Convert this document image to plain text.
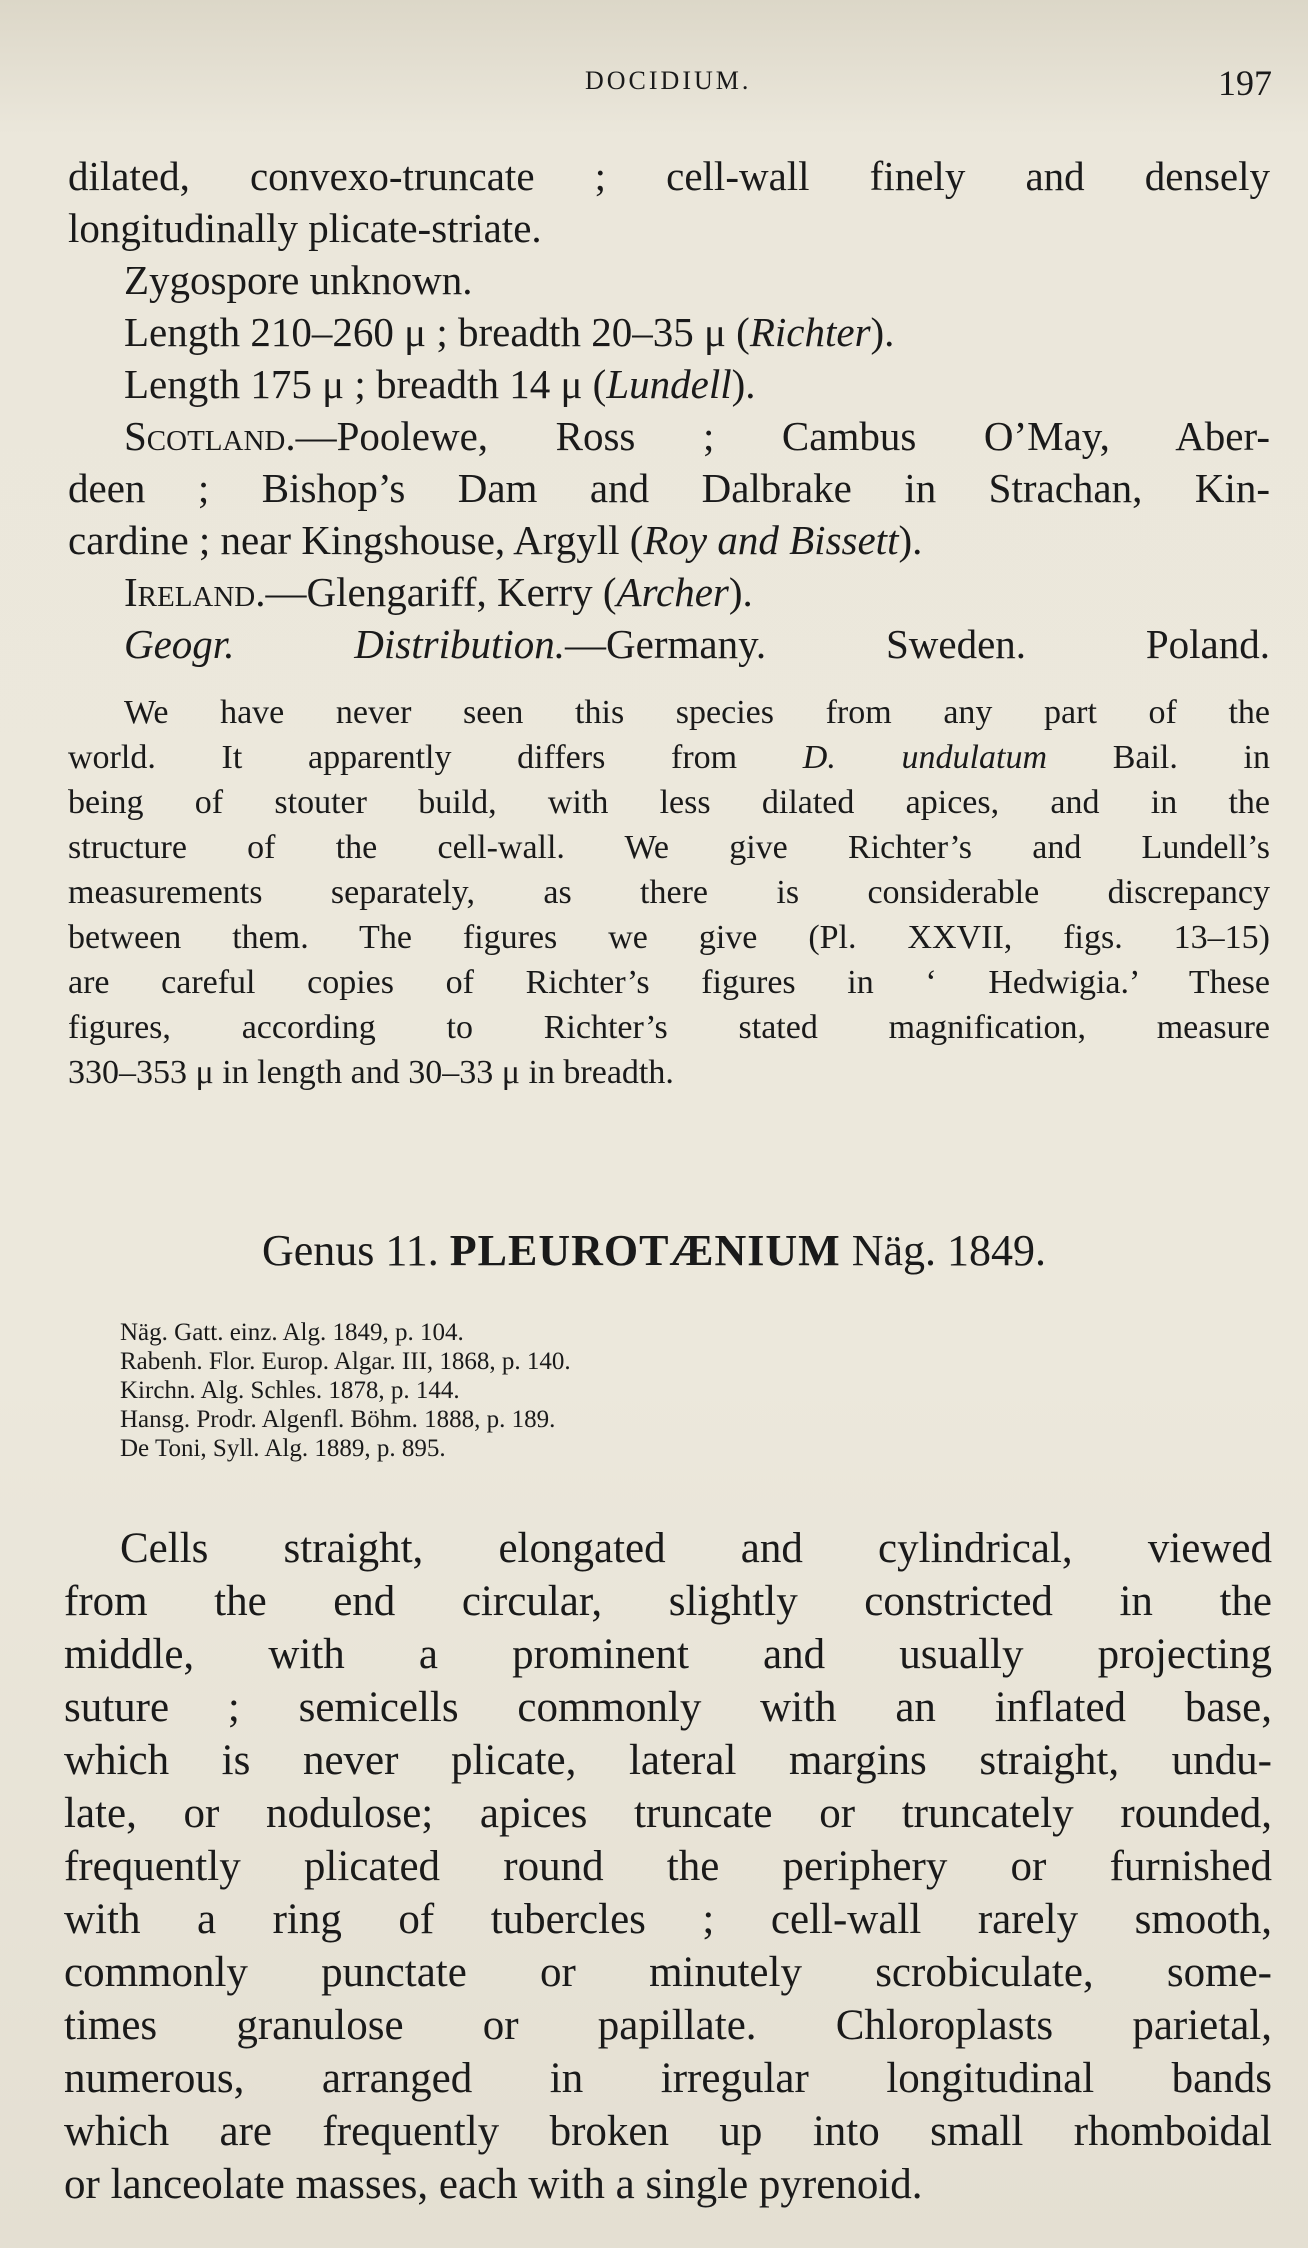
DOCIDIUM.	197
dilated, convexo-truncate ; cell-wall finely and densely
longitudinally plicate-striate.
Zygospore unknown.
Length 210–260 μ ; breadth 20–35 μ (Richter).
Length 175 μ ; breadth 14 μ (Lundell).
Scotland.—Poolewe, Ross ; Cambus O’May, Aber-
deen ; Bishop’s Dam and Dalbrake in Strachan, Kin-
cardine ; near Kingshouse, Argyll (Roy and Bissett).
Ireland.—Glengariff, Kerry (Archer).
Geogr. Distribution.—Germany. Sweden. Poland.
We have never seen this species from any part of the
world. It apparently differs from D. undulatum Bail. in
being of stouter build, with less dilated apices, and in the
structure of the cell-wall. We give Richter’s and Lundell’s
measurements separately, as there is considerable discrepancy
between them. The figures we give (Pl. XXVII, figs. 13–15)
are careful copies of Richter’s figures in ‘ Hedwigia.’ These
figures, according to Richter’s stated magnification, measure
330–353 μ in length and 30–33 μ in breadth.
Genus 11. PLEUROTÆNIUM Näg. 1849.
Näg. Gatt. einz. Alg. 1849, p. 104.
Rabenh. Flor. Europ. Algar. III, 1868, p. 140.
Kirchn. Alg. Schles. 1878, p. 144.
Hansg. Prodr. Algenfl. Böhm. 1888, p. 189.
De Toni, Syll. Alg. 1889, p. 895.
Cells straight, elongated and cylindrical, viewed
from the end circular, slightly constricted in the
middle, with a prominent and usually projecting
suture ; semicells commonly with an inflated base,
which is never plicate, lateral margins straight, undu-
late, or nodulose; apices truncate or truncately rounded,
frequently plicated round the periphery or furnished
with a ring of tubercles ; cell-wall rarely smooth,
commonly punctate or minutely scrobiculate, some-
times granulose or papillate. Chloroplasts parietal,
numerous, arranged in irregular longitudinal bands
which are frequently broken up into small rhomboidal
or lanceolate masses, each with a single pyrenoid.
